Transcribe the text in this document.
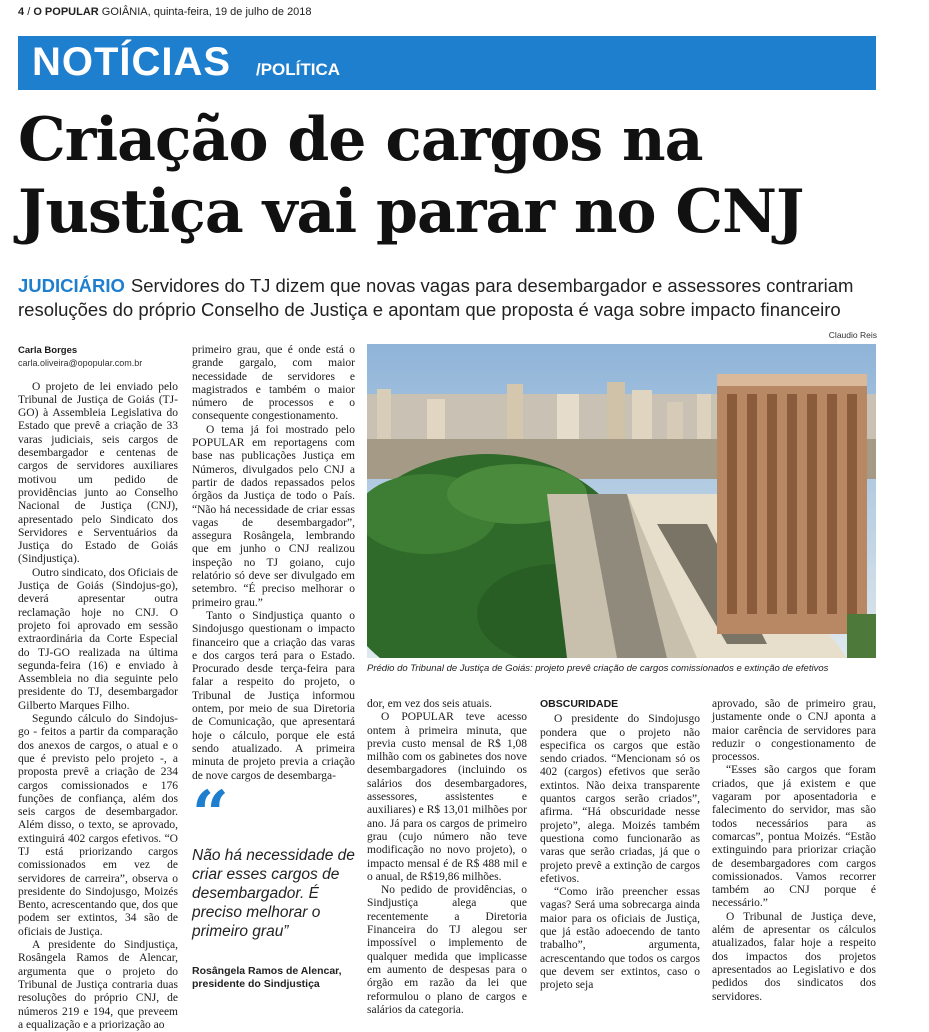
4 / O POPULAR GOIÂNIA, quinta-feira, 19 de julho de 2018
NOTÍCIAS /POLÍTICA
Criação de cargos na Justiça vai parar no CNJ
JUDICIÁRIO Servidores do TJ dizem que novas vagas para desembargador e assessores contrariam resoluções do próprio Conselho de Justiça e apontam que proposta é vaga sobre impacto financeiro
Claudio Reis
Prédio do Tribunal de Justiça de Goiás: projeto prevê criação de cargos comissionados e extinção de efetivos
Carla Borges
carla.oliveira@opopular.com.br

O projeto de lei enviado pelo Tribunal de Justiça de Goiás (TJ-GO) à Assembleia Legislativa do Estado que prevê a criação de 33 varas judiciais, seis cargos de desembargador e centenas de cargos de servidores auxiliares motivou um pedido de providências junto ao Conselho Nacional de Justiça (CNJ), apresentado pelo Sindicato dos Servidores e Serventuários da Justiça do Estado de Goiás (Sindjustiça).

Outro sindicato, dos Oficiais de Justiça de Goiás (Sindojus-go), deverá apresentar outra reclamação hoje no CNJ. O projeto foi aprovado em sessão extraordinária da Corte Especial do TJ-GO realizada na última segunda-feira (16) e enviado à Assembleia no dia seguinte pelo presidente do TJ, desembargador Gilberto Marques Filho.

Segundo cálculo do Sindojus-go - feitos a partir da comparação dos anexos de cargos, o atual e o que é previsto pelo projeto -, a proposta prevê a criação de 234 cargos comissionados e 176 funções de confiança, além dos seis cargos de desembargador. Além disso, o texto, se aprovado, extinguirá 402 cargos efetivos. “O TJ está priorizando cargos comissionados em vez de servidores de carreira”, observa o presidente do Sindojusgo, Moizés Bento, acrescentando que, dos que podem ser extintos, 34 são de oficiais de Justiça.

A presidente do Sindjustiça, Rosângela Ramos de Alencar, argumenta que o projeto do Tribunal de Justiça contraria duas resoluções do próprio CNJ, de números 219 e 194, que preveem a equalização e a priorização ao

primeiro grau, que é onde está o grande gargalo, com maior necessidade de servidores e magistrados e também o maior número de processos e o consequente congestionamento.

O tema já foi mostrado pelo POPULAR em reportagens com base nas publicações Justiça em Números, divulgados pelo CNJ a partir de dados repassados pelos órgãos da Justiça de todo o País. “Não há necessidade de criar essas vagas de desembargador”, assegura Rosângela, lembrando que em junho o CNJ realizou inspeção no TJ goiano, cujo relatório só deve ser divulgado em setembro. “É preciso melhorar o primeiro grau.”

Tanto o Sindjustiça quanto o Sindojusgo questionam o impacto financeiro que a criação das varas e dos cargos terá para o Estado. Procurado desde terça-feira para falar a respeito do projeto, o Tribunal de Justiça informou ontem, por meio de sua Diretoria de Comunicação, que apresentará hoje o cálculo, porque ele está sendo atualizado. A primeira minuta de projeto previa a criação de nove cargos de desembarga-

“
Não há necessidade de criar esses cargos de desembargador. É preciso melhorar o primeiro grau”
Rosângela Ramos de Alencar, presidente do Sindjustiça

dor, em vez dos seis atuais.

O POPULAR teve acesso ontem à primeira minuta, que previa custo mensal de R$ 1,08 milhão com os gabinetes dos nove desembargadores (incluindo os salários dos desembargadores, assessores, assistentes e auxiliares) e R$ 13,01 milhões por ano. Já para os cargos de primeiro grau (cujo número não teve modificação no novo projeto), o impacto mensal é de R$ 488 mil e o anual, de R$19,86 milhões.

No pedido de providências, o Sindjustiça alega que recentemente a Diretoria Financeira do TJ alegou ser impossível o implemento de qualquer medida que implicasse em aumento de despesas para o órgão em razão da lei que reformulou o plano de cargos e salários da categoria.

OBSCURIDADE

O presidente do Sindojusgo pondera que o projeto não especifica os cargos que estão sendo criados. “Mencionam só os 402 (cargos) efetivos que serão extintos. Não deixa transparente quantos cargos serão criados”, afirma. “Há obscuridade nesse projeto”, alega. Moizés também questiona como funcionarão as varas que serão criadas, já que o projeto prevê a extinção de cargos efetivos.

“Como irão preencher essas vagas? Será uma sobrecarga ainda maior para os oficiais de Justiça, que já estão adoecendo de tanto trabalho”, argumenta, acrescentando que todos os cargos que devem ser extintos, caso o projeto seja

aprovado, são de primeiro grau, justamente onde o CNJ aponta a maior carência de servidores para reduzir o congestionamento de processos.

“Esses são cargos que foram criados, que já existem e que vagaram por aposentadoria e falecimento do servidor, mas são todos necessários para as comarcas”, pontua Moizés. “Estão extinguindo para priorizar criação de desembargadores com cargos comissionados. Vamos recorrer também ao CNJ porque é necessário.”

O Tribunal de Justiça deve, além de apresentar os cálculos atualizados, falar hoje a respeito dos impactos dos projetos apresentados ao Legislativo e dos pedidos dos sindicatos dos servidores.
